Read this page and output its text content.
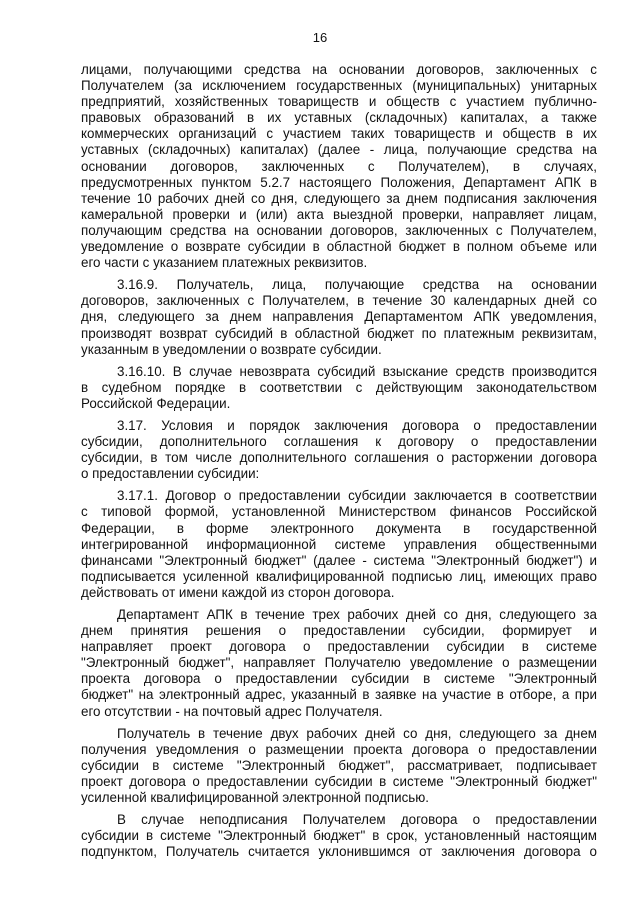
16

лицами, получающими средства на основании договоров, заключенных с
Получателем (за исключением государственных (муниципальных) унитарных
предприятий, хозяйственных товариществ и обществ с участием публично-
правовых образований в их уставных (складочных) капиталах, а также
коммерческих организаций с участием таких товариществ и обществ в их
уставных (складочных) капиталах) (далее - лица, получающие средства на
основании договоров, заключенных с Получателем), в случаях,
предусмотренных пунктом 5.2.7 настоящего Положения, Департамент АПК в
течение 10 рабочих дней со дня, следующего за днем подписания заключения
камеральной проверки и (или) акта выездной проверки, направляет лицам,
получающим средства на основании договоров, заключенных с Получателем,
уведомление о возврате субсидии в областной бюджет в полном объеме или
его части с указанием платежных реквизитов.

3.16.9. Получатель, лица, получающие средства на основании
договоров, заключенных с Получателем, в течение 30 календарных дней со
дня, следующего за днем направления Департаментом АПК уведомления,
производят возврат субсидий в областной бюджет по платежным реквизитам,
указанным в уведомлении о возврате субсидии.

3.16.10. В случае невозврата субсидий взыскание средств производится
в судебном порядке в соответствии с действующим законодательством
Российской Федерации.

3.17. Условия и порядок заключения договора о предоставлении
субсидии, дополнительного соглашения к договору о предоставлении
субсидии, в том числе дополнительного соглашения о расторжении договора
о предоставлении субсидии:

3.17.1. Договор о предоставлении субсидии заключается в соответствии
с типовой формой, установленной Министерством финансов Российской
Федерации, в форме электронного документа в государственной
интегрированной информационной системе управления общественными
финансами "Электронный бюджет" (далее - система "Электронный бюджет") и
подписывается усиленной квалифицированной подписью лиц, имеющих право
действовать от имени каждой из сторон договора.

Департамент АПК в течение трех рабочих дней со дня, следующего за
днем принятия решения о предоставлении субсидии, формирует и
направляет проект договора о предоставлении субсидии в системе
"Электронный бюджет", направляет Получателю уведомление о размещении
проекта договора о предоставлении субсидии в системе "Электронный
бюджет" на электронный адрес, указанный в заявке на участие в отборе, а при
его отсутствии - на почтовый адрес Получателя.

Получатель в течение двух рабочих дней со дня, следующего за днем
получения уведомления о размещении проекта договора о предоставлении
субсидии в системе "Электронный бюджет", рассматривает, подписывает
проект договора о предоставлении субсидии в системе "Электронный бюджет"
усиленной квалифицированной электронной подписью.

В случае неподписания Получателем договора о предоставлении
субсидии в системе "Электронный бюджет" в срок, установленный настоящим
подпунктом, Получатель считается уклонившимся от заключения договора о
